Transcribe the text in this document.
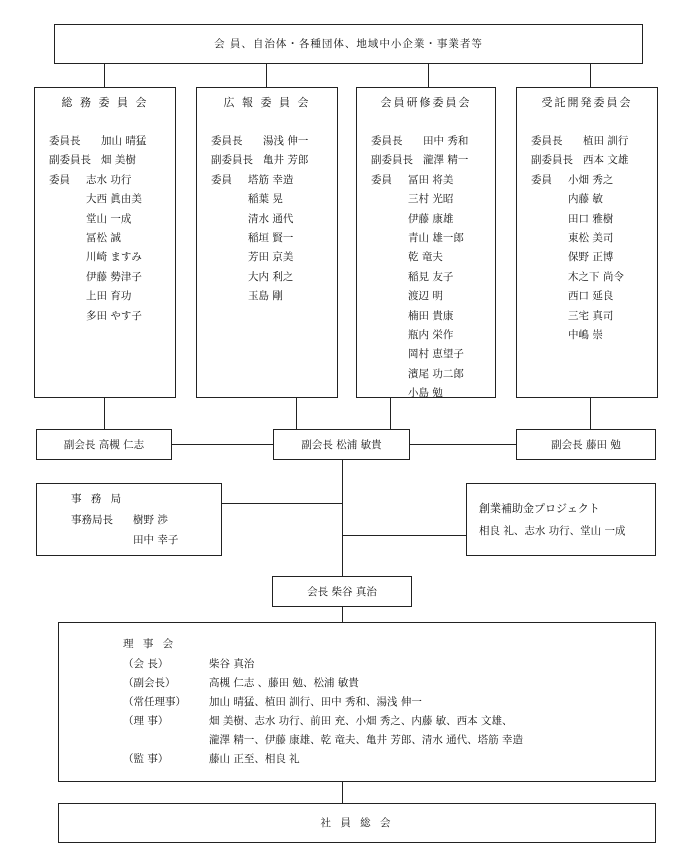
会 員、自治体・各種団体、地域中小企業・事業者等
総 務 委 員 会
委員長 加山 晴猛
副委員長 畑 美樹
委員 志水 功行
大西 眞由美
堂山 一成
冨松 誠
川崎 ますみ
伊藤 勢津子
上田 育功
多田 やす子
広 報 委 員 会
委員長 湯浅 伸一
副委員長 亀井 芳郎
委員 塔筋 幸造
稲葉 晃
清水 通代
稲垣 賢一
芳田 京美
大内 利之
玉島 剛
会員研修委員会
委員長 田中 秀和
副委員長 瀧澤 精一
委員 冨田 将美
三村 光昭
伊藤 康雄
青山 雄一郎
乾 竜夫
稲見 友子
渡辺 明
楠田 貴康
瓶内 栄作
岡村 恵望子
濱尾 功二郎
小島 勉
受託開発委員会
委員長 植田 訓行
副委員長 西本 文雄
委員 小畑 秀之
内藤 敏
田口 雅樹
東松 美司
保野 正博
木之下 尚令
西口 延良
三宅 真司
中嶋 崇
副会長 高槻 仁志	副会長 松浦 敏貴	副会長 藤田 勉
事 務 局
事務局長 樹野 渉
田中 幸子
創業補助金プロジェクト
相良 礼、志水 功行、堂山 一成
会長 柴谷 真治
理 事 会
（会 長）	柴谷 真治
（副会長）	高槻 仁志 、藤田 勉、松浦 敏貴
（常任理事） 加山 晴猛、植田 訓行、田中 秀和、湯浅 伸一
（理 事）	畑 美樹、志水 功行、前田 充、小畑 秀之、内藤 敏、西本 文雄、
瀧澤 精一、伊藤 康雄、乾 竜夫、亀井 芳郎、清水 通代、塔筋 幸造
（監 事）	藤山 正至、相良 礼
社 員 総 会
